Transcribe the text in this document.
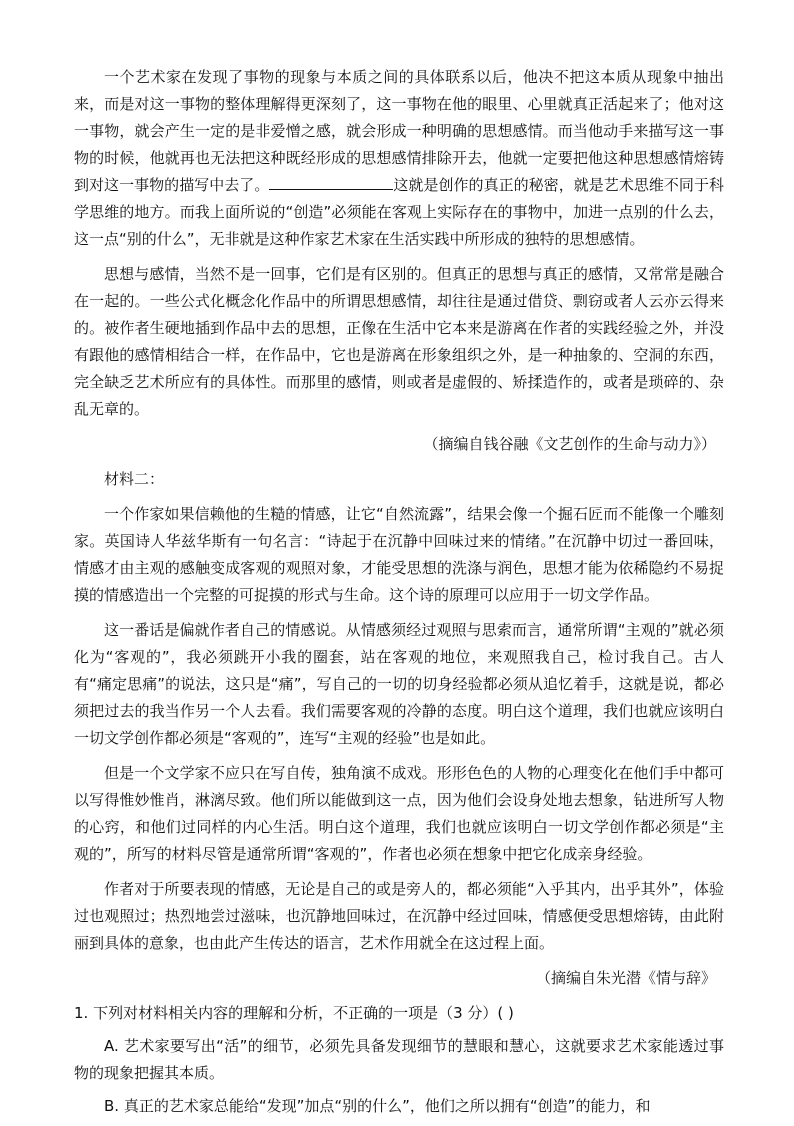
一个艺术家在发现了事物的现象与本质之间的具体联系以后，他决不把这本质从现象中抽出来，而是对这一事物的整体理解得更深刻了，这一事物在他的眼里、心里就真正活起来了；他对这一事物，就会产生一定的是非爱憎之感，就会形成一种明确的思想感情。而当他动手来描写这一事物的时候，他就再也无法把这种既经形成的思想感情排除开去，他就一定要把他这种思想感情熔铸到对这一事物的描写中去了。	这就是创作的真正的秘密，就是艺术思维不同于科学思维的地方。而我上面所说的“创造”必须能在客观上实际存在的事物中，加进一点别的什么去，这一点“别的什么”，无非就是这种作家艺术家在生活实践中所形成的独特的思想感情。

思想与感情，当然不是一回事，它们是有区别的。但真正的思想与真正的感情，又常常是融合在一起的。一些公式化概念化作品中的所谓思想感情，却往往是通过借贷、剽窃或者人云亦云得来的。被作者生硬地插到作品中去的思想，正像在生活中它本来是游离在作者的实践经验之外，并没有跟他的感情相结合一样，在作品中，它也是游离在形象组织之外，是一种抽象的、空洞的东西，完全缺乏艺术所应有的具体性。而那里的感情，则或者是虚假的、矫揉造作的，或者是琐碎的、杂乱无章的。

（摘编自钱谷融《文艺创作的生命与动力》）

材料二：

一个作家如果信赖他的生糙的情感，让它“自然流露”，结果会像一个掘石匠而不能像一个雕刻家。英国诗人华兹华斯有一句名言：“诗起于在沉静中回味过来的情绪。”在沉静中切过一番回味，情感才由主观的感触变成客观的观照对象，才能受思想的洗涤与润色，思想才能为依稀隐约不易捉摸的情感造出一个完整的可捉摸的形式与生命。这个诗的原理可以应用于一切文学作品。

这一番话是偏就作者自己的情感说。从情感须经过观照与思索而言，通常所谓“主观的”就必须化为“客观的”，我必须跳开小我的圈套，站在客观的地位，来观照我自己，检讨我自己。古人有“痛定思痛”的说法，这只是“痛”，写自己的一切的切身经验都必须从追忆着手，这就是说，都必须把过去的我当作另一个人去看。我们需要客观的冷静的态度。明白这个道理，我们也就应该明白一切文学创作都必须是“客观的”，连写“主观的经验”也是如此。

但是一个文学家不应只在写自传，独角演不成戏。形形色色的人物的心理变化在他们手中都可以写得惟妙惟肖，淋漓尽致。他们所以能做到这一点，因为他们会设身处地去想象，钻进所写人物的心窍，和他们过同样的内心生活。明白这个道理，我们也就应该明白一切文学创作都必须是“主观的”，所写的材料尽管是通常所谓“客观的”，作者也必须在想象中把它化成亲身经验。

作者对于所要表现的情感，无论是自己的或是旁人的，都必须能“入乎其内，出乎其外”，体验过也观照过；热烈地尝过滋味，也沉静地回味过，在沉静中经过回味，情感便受思想熔铸，由此附丽到具体的意象，也由此产生传达的语言，艺术作用就全在这过程上面。

（摘编自朱光潜《情与辞》

1. 下列对材料相关内容的理解和分析，不正确的一项是（3 分）( )

A. 艺术家要写出“活”的细节，必须先具备发现细节的慧眼和慧心，这就要求艺术家能透过事物的现象把握其本质。

B. 真正的艺术家总能给“发现”加点“别的什么”，他们之所以拥有“创造”的能力，和
